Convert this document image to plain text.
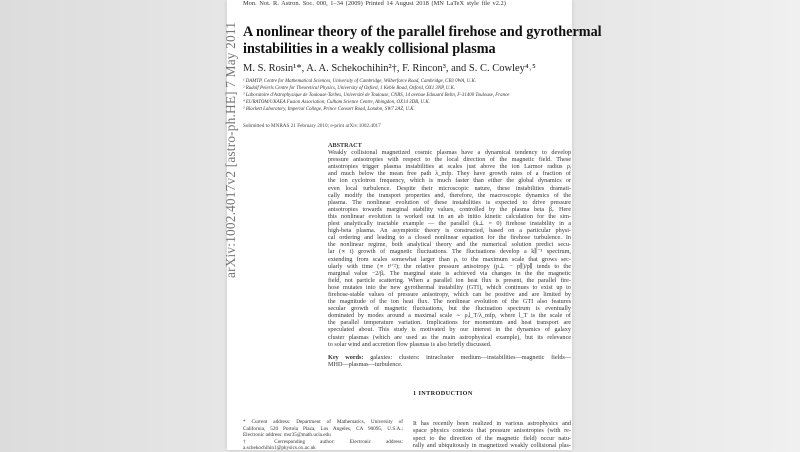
Mon. Not. R. Astron. Soc. 000, 1–34 (2009) Printed 14 August 2018 (MN LaTeX style file v2.2)
A nonlinear theory of the parallel firehose and gyrothermal
instabilities in a weakly collisional plasma
M. S. Rosin¹*, A. A. Schekochihin²†, F. Rincon³, and S. C. Cowley⁴˒⁵
¹ DAMTP, Centre for Mathematical Sciences, University of Cambridge, Wilberforce Road, Cambridge, CB3 0WA, U.K.
² Rudolf Peierls Centre for Theoretical Physics, University of Oxford, 1 Keble Road, Oxford, OX1 3NP, U.K.
³ Laboratoire d'Astrophysique de Toulouse-Tarbes, Université de Toulouse, CNRS, 14 avenue Edouard Belin, F-31400 Toulouse, France
⁴ EURATOM/UKAEA Fusion Association, Culham Science Centre, Abingdon, OX14 3DB, U.K.
⁵ Blackett Laboratory, Imperial College, Prince Consort Road, London, SW7 2AZ, U.K.
Submitted to MNRAS 21 February 2010; e-print arXiv:1002.4017
arXiv:1002.4017v2 [astro-ph.HE] 7 May 2011	ABSTRACT
Weakly collisional magnetized cosmic plasmas have a dynamical tendency to develop
pressure anisotropies with respect to the local direction of the magnetic field. These
anisotropies trigger plasma instabilities at scales just above the ion Larmor radius ρᵢ
and much below the mean free path λ_mfp. They have growth rates of a fraction of
the ion cyclotron frequency, which is much faster than either the global dynamics or
even local turbulence. Despite their microscopic nature, these instabilities dramati-
cally modify the transport properties and, therefore, the macroscopic dynamics of the
plasma. The nonlinear evolution of these instabilities is expected to drive pressure
anisotropies towards marginal stability values, controlled by the plasma beta βᵢ. Here
this nonlinear evolution is worked out in an ab initio kinetic calculation for the sim-
plest analytically tractable example — the parallel (k⊥ = 0) firehose instability in a
high-beta plasma. An asymptotic theory is constructed, based on a particular physi-
cal ordering and leading to a closed nonlinear equation for the firehose turbulence. In
the nonlinear regime, both analytical theory and the numerical solution predict secu-
lar (∝ t) growth of magnetic fluctuations. The fluctuations develop a k∥⁻³ spectrum,
extending from scales somewhat larger than ρᵢ to the maximum scale that grows sec-
ularly with time (∝ t¹ᐟ²); the relative pressure anisotropy (p⊥ − p∥)/p∥ tends to the
marginal value −2/βᵢ. The marginal state is achieved via changes in the the magnetic
field, not particle scattering. When a parallel ion heat flux is present, the parallel fire-
hose mutates into the new gyrothermal instability (GTI), which continues to exist up to
firehose-stable values of pressure anisotropy, which can be positive and are limited by
the magnitude of the ion heat flux. The nonlinear evolution of the GTI also features
secular growth of magnetic fluctuations, but the fluctuation spectrum is eventually
dominated by modes around a maximal scale ∼ ρᵢl_T/λ_mfp, where l_T is the scale of
the parallel temperature variation. Implications for momentum and heat transport are
speculated about. This study is motivated by our interest in the dynamics of galaxy
cluster plasmas (which are used as the main astrophysical example), but its relevance
to solar wind and accretion flow plasmas is also briefly discussed.
Key words: galaxies: clusters: intracluster medium—instabilities—magnetic fields—
MHD—plasmas—turbulence.
1 INTRODUCTION
* Current address: Department of Mathematics, University of
California, 520 Portola Plaza, Los Angeles, CA 90095, U.S.A.;
Electronic address: msr35@math.ucla.edu
† Corresponding author: Electronic address:
a.schekochihin1@physics.ox.ac.uk
It has recently been realized in various astrophysics and
space physics contexts that pressure anisotropies (with re-
spect to the direction of the magnetic field) occur natu-
rally and ubiquitously in magnetized weakly collisional plas-
